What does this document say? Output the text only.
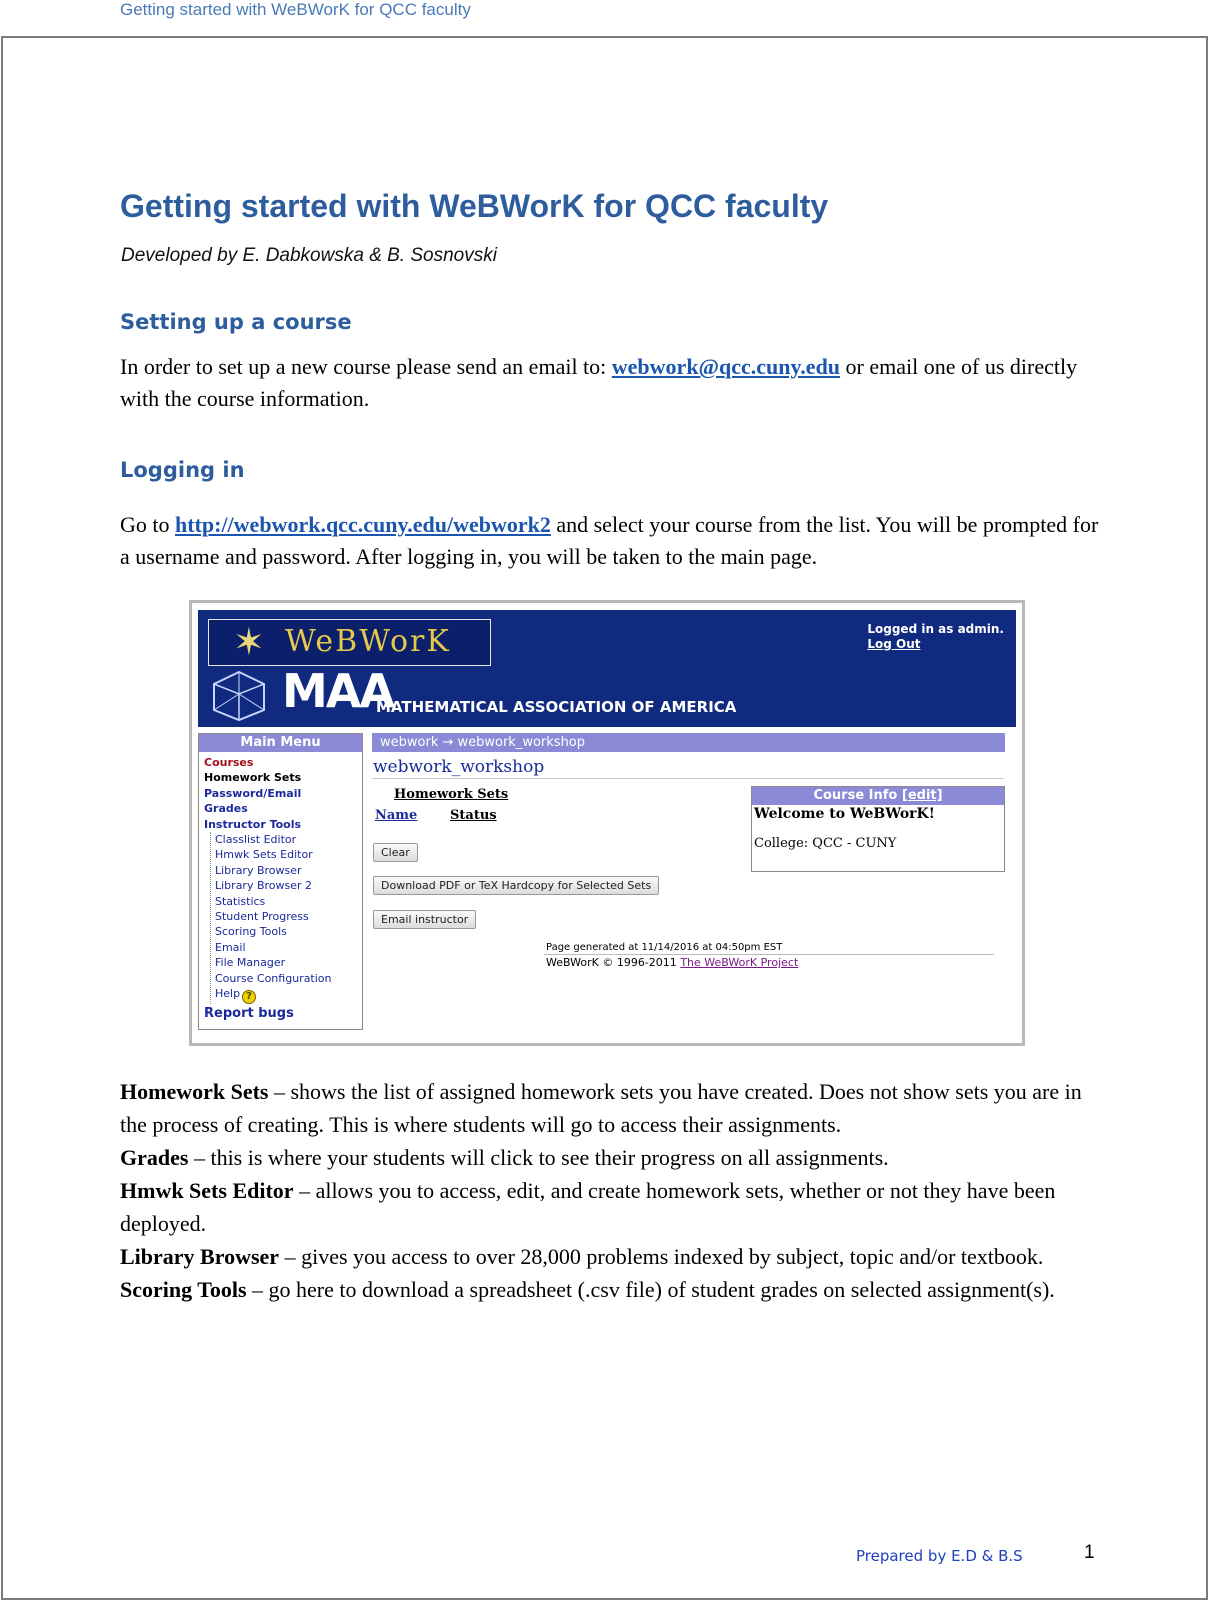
Getting started with WeBWorK for QCC faculty
Getting started with WeBWorK for QCC faculty
Developed by E. Dabkowska & B. Sosnovski
Setting up a course

In order to set up a new course please send an email to: webwork@qcc.cuny.edu or email one of us directly with the course information.

Logging in

Go to http://webwork.qcc.cuny.edu/webwork2 and select your course from the list. You will be prompted for a username and password. After logging in, you will be taken to the main page.

✶ WeBWorK
MAA
MATHEMATICAL ASSOCIATION OF AMERICA
Logged in as admin.
Log Out
Main Menu
Courses
Homework Sets
Password/Email
Grades
Instructor Tools
Classlist Editor
Hmwk Sets Editor
Library Browser
Library Browser 2
Statistics
Student Progress
Scoring Tools
Email
File Manager
Course Configuration
Help ?
Report bugs
webwork → webwork_workshop
webwork_workshop
Homework Sets
Name	Status
Clear
Download PDF or TeX Hardcopy for Selected Sets
Email instructor
Course Info [edit]
Welcome to WeBWorK!
College: QCC - CUNY
Page generated at 11/14/2016 at 04:50pm EST
WeBWorK © 1996-2011 The WeBWorK Project
Homework Sets – shows the list of assigned homework sets you have created. Does not show sets you are in the process of creating. This is where students will go to access their assignments.
Grades – this is where your students will click to see their progress on all assignments.
Hmwk Sets Editor – allows you to access, edit, and create homework sets, whether or not they have been deployed.
Library Browser – gives you access to over 28,000 problems indexed by subject, topic and/or textbook.
Scoring Tools – go here to download a spreadsheet (.csv file) of student grades on selected assignment(s).
Prepared by E.D & B.S	1
